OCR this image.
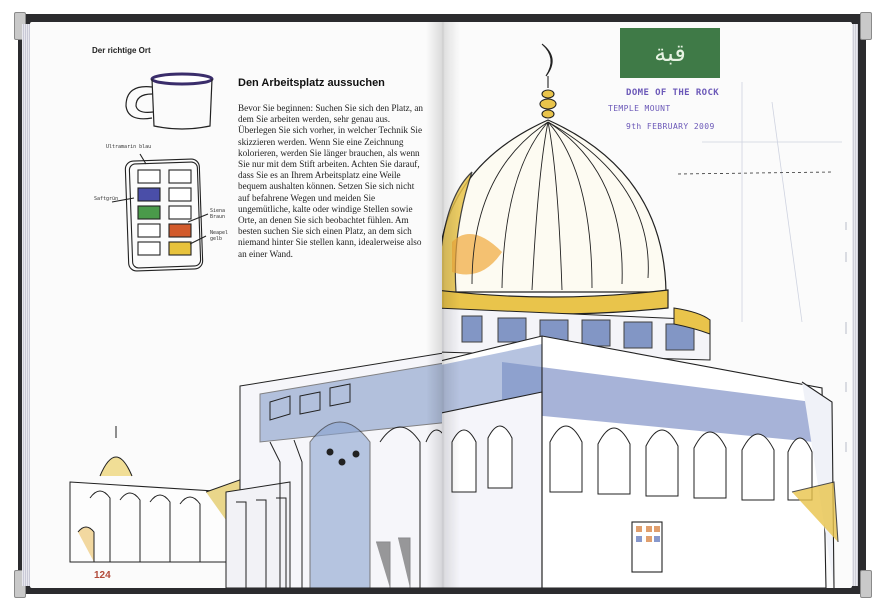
Der richtige Ort
Ultramarin blau
Saftgrün
Siena Braun
Neapel gelb
Den Arbeitsplatz aussuchen

Bevor Sie beginnen: Suchen Sie sich den Platz, an dem Sie arbeiten werden, sehr genau aus.

Überlegen Sie sich vorher, in welcher Technik Sie skizzieren werden. Wenn Sie eine Zeichnung kolorieren, werden Sie länger brauchen, als wenn Sie nur mit dem Stift arbeiten. Achten Sie darauf, dass Sie es an Ihrem Arbeitsplatz eine Weile bequem aushalten können. Setzen Sie sich nicht auf befahrene Wegen und meiden Sie ungemütliche, kalte oder windige Stellen sowie Orte, an denen Sie sich beobachtet fühlen. Am besten suchen Sie sich einen Platz, an dem sich niemand hinter Sie stellen kann, idealerweise also an einer Wand.

124
قبة
DOME OF THE ROCK
TEMPLE MOUNT
9th FEBRUARY 2009
